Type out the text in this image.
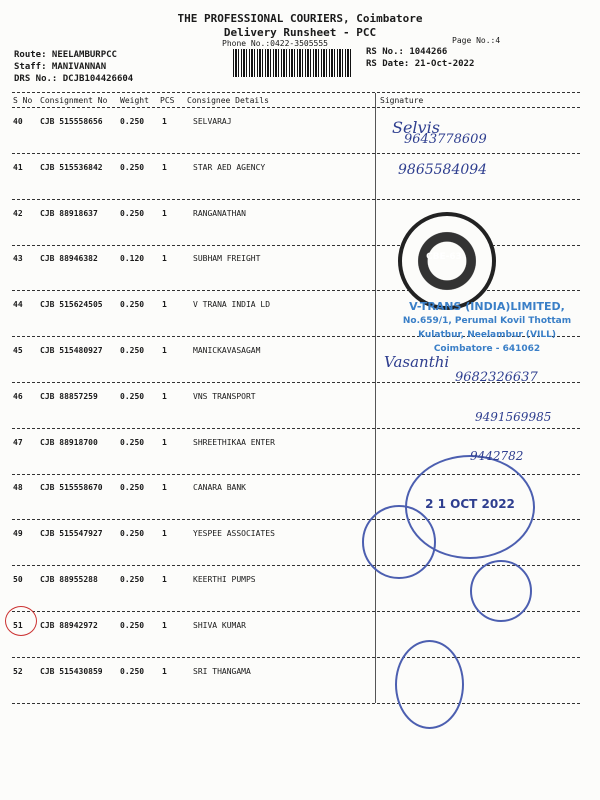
THE PROFESSIONAL COURIERS, Coimbatore
Delivery Runsheet - PCC
Phone No.:0422-3505555	Page No.:4
Route: NEELAMBURPCC
Staff: MANIVANNAN
DRS No.: DCJB104426604
RS No.: 1044266
RS Date: 21-Oct-2022
S No Consignment No Weight PCS Consignee Details	Signature
40 CJB 515558656 0.250 1	SELVARAJ
41 CJB 515536842 0.250 1	STAR AED AGENCY
42 CJB 88918637	0.250 1	RANGANATHAN
43 CJB 88946382	0.120 1	SUBHAM FREIGHT
44 CJB 515624505 0.250 1	V TRANA INDIA LD
45 CJB 515480927 0.250 1	MANICKAVASAGAM
46 CJB 88857259	0.250 1	VNS TRANSPORT
47 CJB 88918700	0.250 1	SHREETHIKAA ENTER
48 CJB 515558670 0.250 1	CANARA BANK
49 CJB 515547927 0.250 1	YESPEE ASSOCIATES
50 CJB 88955288	0.250 1	KEERTHI PUMPS
51 CJB 88942972	0.250 1	SHIVA KUMAR
52 CJB 515430859 0.250 1	SRI THANGAMA
CBE-63
V-TRANS (INDIA)LIMITED,
No.659/1, Perumal Kovil Thottam
Kulathur, Neelambur (VILL)
Coimbatore - 641062
2 1 OCT 2022
Selvis
9643778609
9865584094
Vasanthi
9682326637
9491569985
9442782
